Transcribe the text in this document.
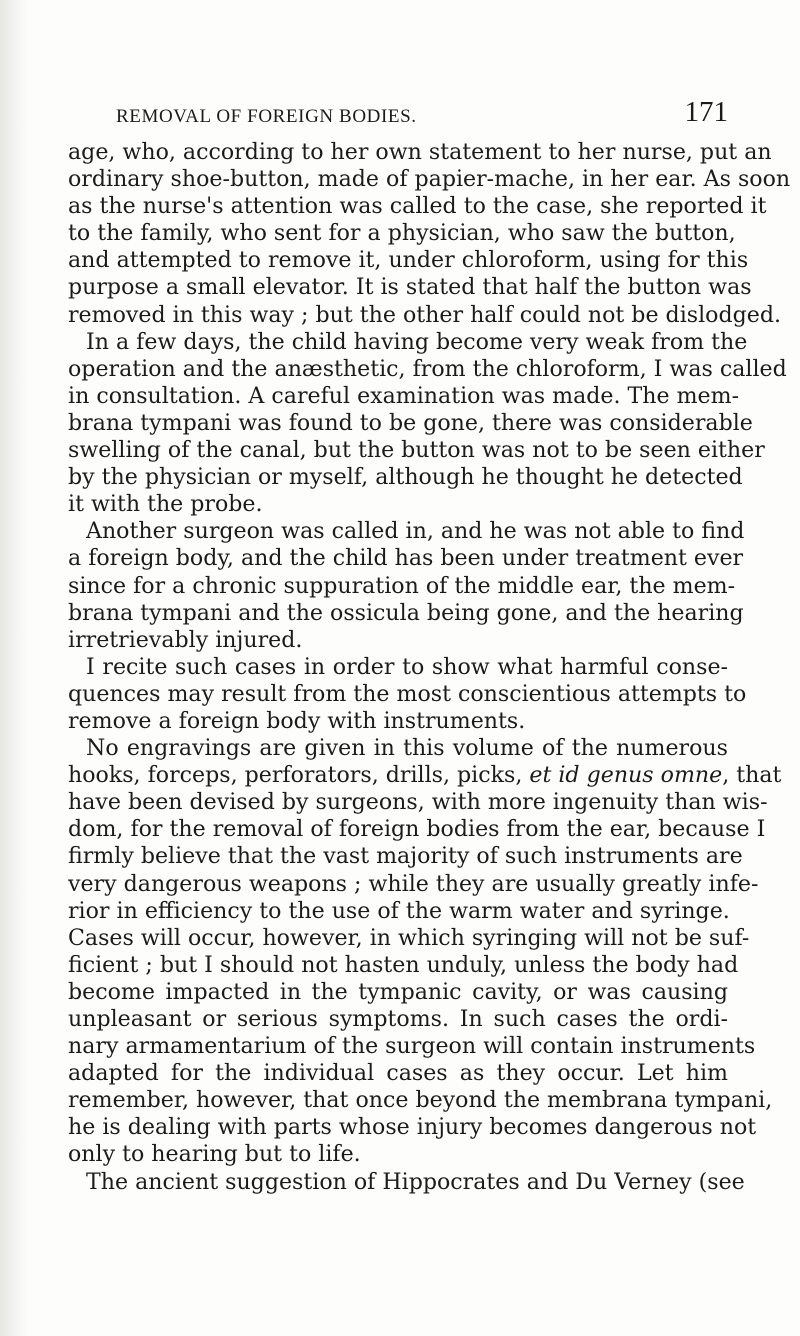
REMOVAL OF FOREIGN BODIES.	171
age, who, according to her own statement to her nurse, put an
ordinary shoe-button, made of papier-mache, in her ear. As soon
as the nurse's attention was called to the case, she reported it
to the family, who sent for a physician, who saw the button,
and attempted to remove it, under chloroform, using for this
purpose a small elevator. It is stated that half the button was
removed in this way ; but the other half could not be dislodged.
In a few days, the child having become very weak from the
operation and the anæsthetic, from the chloroform, I was called
in consultation. A careful examination was made. The mem-
brana tympani was found to be gone, there was considerable
swelling of the canal, but the button was not to be seen either
by the physician or myself, although he thought he detected
it with the probe.
Another surgeon was called in, and he was not able to find
a foreign body, and the child has been under treatment ever
since for a chronic suppuration of the middle ear, the mem-
brana tympani and the ossicula being gone, and the hearing
irretrievably injured.
I recite such cases in order to show what harmful conse-
quences may result from the most conscientious attempts to
remove a foreign body with instruments.
No engravings are given in this volume of the numerous
hooks, forceps, perforators, drills, picks, et id genus omne, that
have been devised by surgeons, with more ingenuity than wis-
dom, for the removal of foreign bodies from the ear, because I
firmly believe that the vast majority of such instruments are
very dangerous weapons ; while they are usually greatly infe-
rior in efficiency to the use of the warm water and syringe.
Cases will occur, however, in which syringing will not be suf-
ficient ; but I should not hasten unduly, unless the body had
become impacted in the tympanic cavity, or was causing
unpleasant or serious symptoms. In such cases the ordi-
nary armamentarium of the surgeon will contain instruments
adapted for the individual cases as they occur. Let him
remember, however, that once beyond the membrana tympani,
he is dealing with parts whose injury becomes dangerous not
only to hearing but to life.
The ancient suggestion of Hippocrates and Du Verney (see
